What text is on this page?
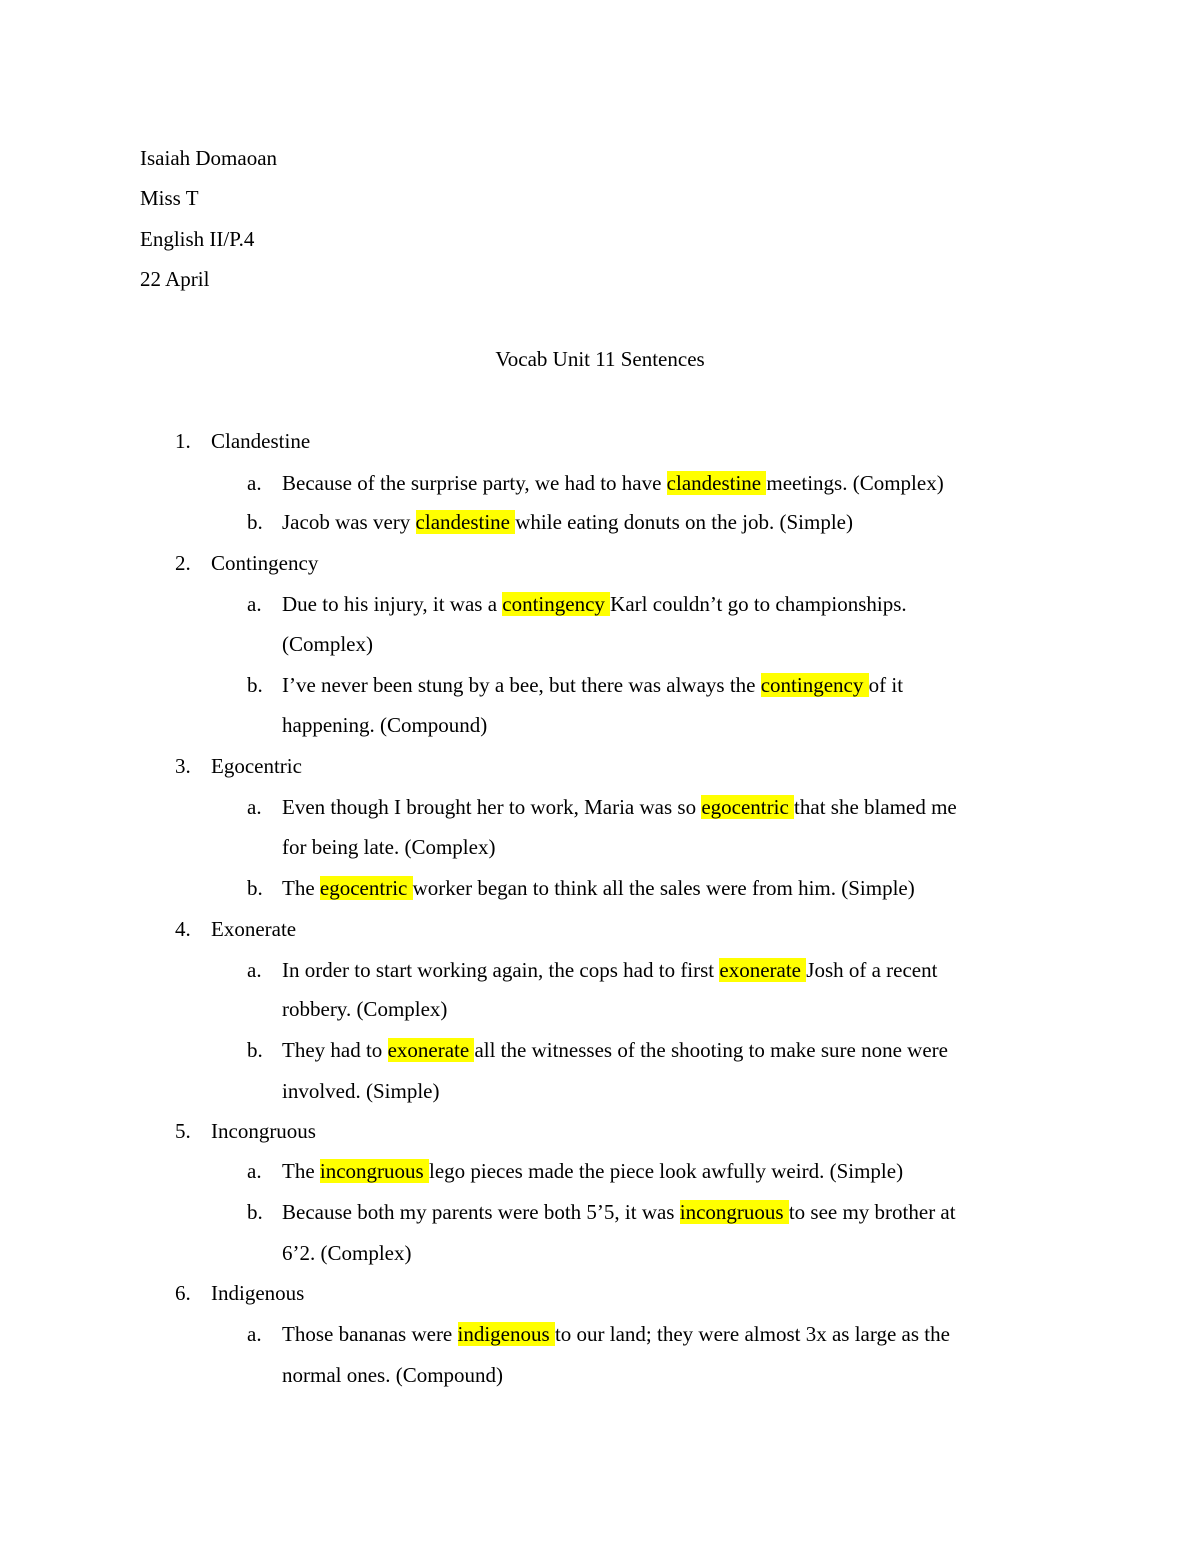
Isaiah Domaoan
Miss T
English II/P.4
22 April
Vocab Unit 11 Sentences
1. Clandestine
a. Because of the surprise party, we had to have clandestine meetings. (Complex)
b. Jacob was very clandestine while eating donuts on the job. (Simple)
2. Contingency
a. Due to his injury, it was a contingency Karl couldn’t go to championships.
(Complex)
b. I’ve never been stung by a bee, but there was always the contingency of it
happening. (Compound)
3. Egocentric
a. Even though I brought her to work, Maria was so egocentric that she blamed me
for being late. (Complex)
b. The egocentric worker began to think all the sales were from him. (Simple)
4. Exonerate
a. In order to start working again, the cops had to first exonerate Josh of a recent
robbery. (Complex)
b. They had to exonerate all the witnesses of the shooting to make sure none were
involved. (Simple)
5. Incongruous
a. The incongruous lego pieces made the piece look awfully weird. (Simple)
b. Because both my parents were both 5’5, it was incongruous to see my brother at
6’2. (Complex)
6. Indigenous
a. Those bananas were indigenous to our land; they were almost 3x as large as the
normal ones. (Compound)
